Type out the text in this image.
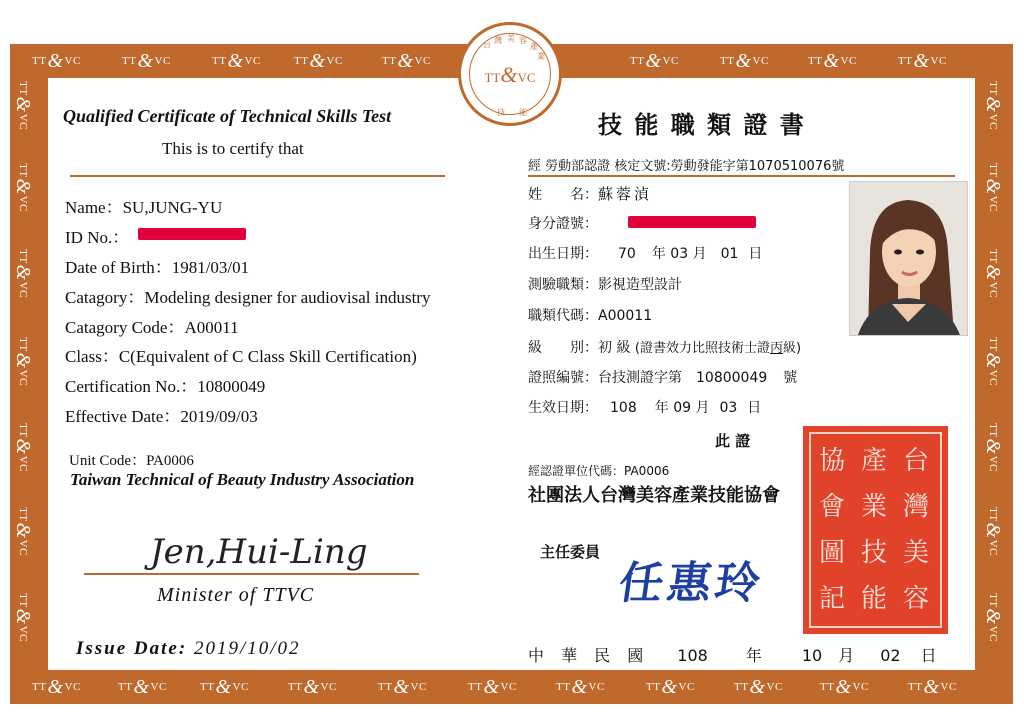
TT&VC	TT&VC	TT&VC	TT&VC	TT&VC	TT&VC	TT&VC	TT&VC	TT&VC
TT&VC	TT&VC	TT&VC	TT&VC	TT&VC	TT&VC	TT&VC	TT&VC	TT&VC	TT&VC	TT&VC
TT&VC
TT&VC
TT&VC
TT&VC
TT&VC
TT&VC
TT&VC
TT&VC
TT&VC
TT&VC
TT&VC
TT&VC
TT&VC
TT&VC
TT&VC
台 灣 美 容
產
業
技 能
Qualified Certificate of Technical Skills Test
This is to certify that
Name：SU,JUNG-YU
ID No.：
Date of Birth：1981/03/01
Catagory：Modeling designer for audiovisal industry
Catagory Code：A00011
Class：C(Equivalent of C Class Skill Certification)
Certification No.：10800049
Effective Date：2019/09/03
Unit Code：PA0006
Taiwan Technical of Beauty Industry Association
Jen,Hui-Ling
Minister of TTVC
Issue Date: 2019/10/02
技 能 職 類 證 書
經 勞動部認證 核定文號:勞動發能字第1070510076號
姓　　名：蘇蓉湞
身分證號：
出生日期： 70 年 03 月 01 日
測驗職類：影視造型設計
職類代碼：A00011
級　　別：初 級 (證書效力比照技術士證丙級)
證照編號：台技測證字第 10800049 號
生效日期： 108 年 09 月 03 日
此 證
經認證單位代碼：PA0006
社團法人台灣美容產業技能協會
主任委員
任惠玲
中 華 民 國 108 年	10 月 02 日
台
灣
美
容
產
業
技
能
協
會
圖
記
